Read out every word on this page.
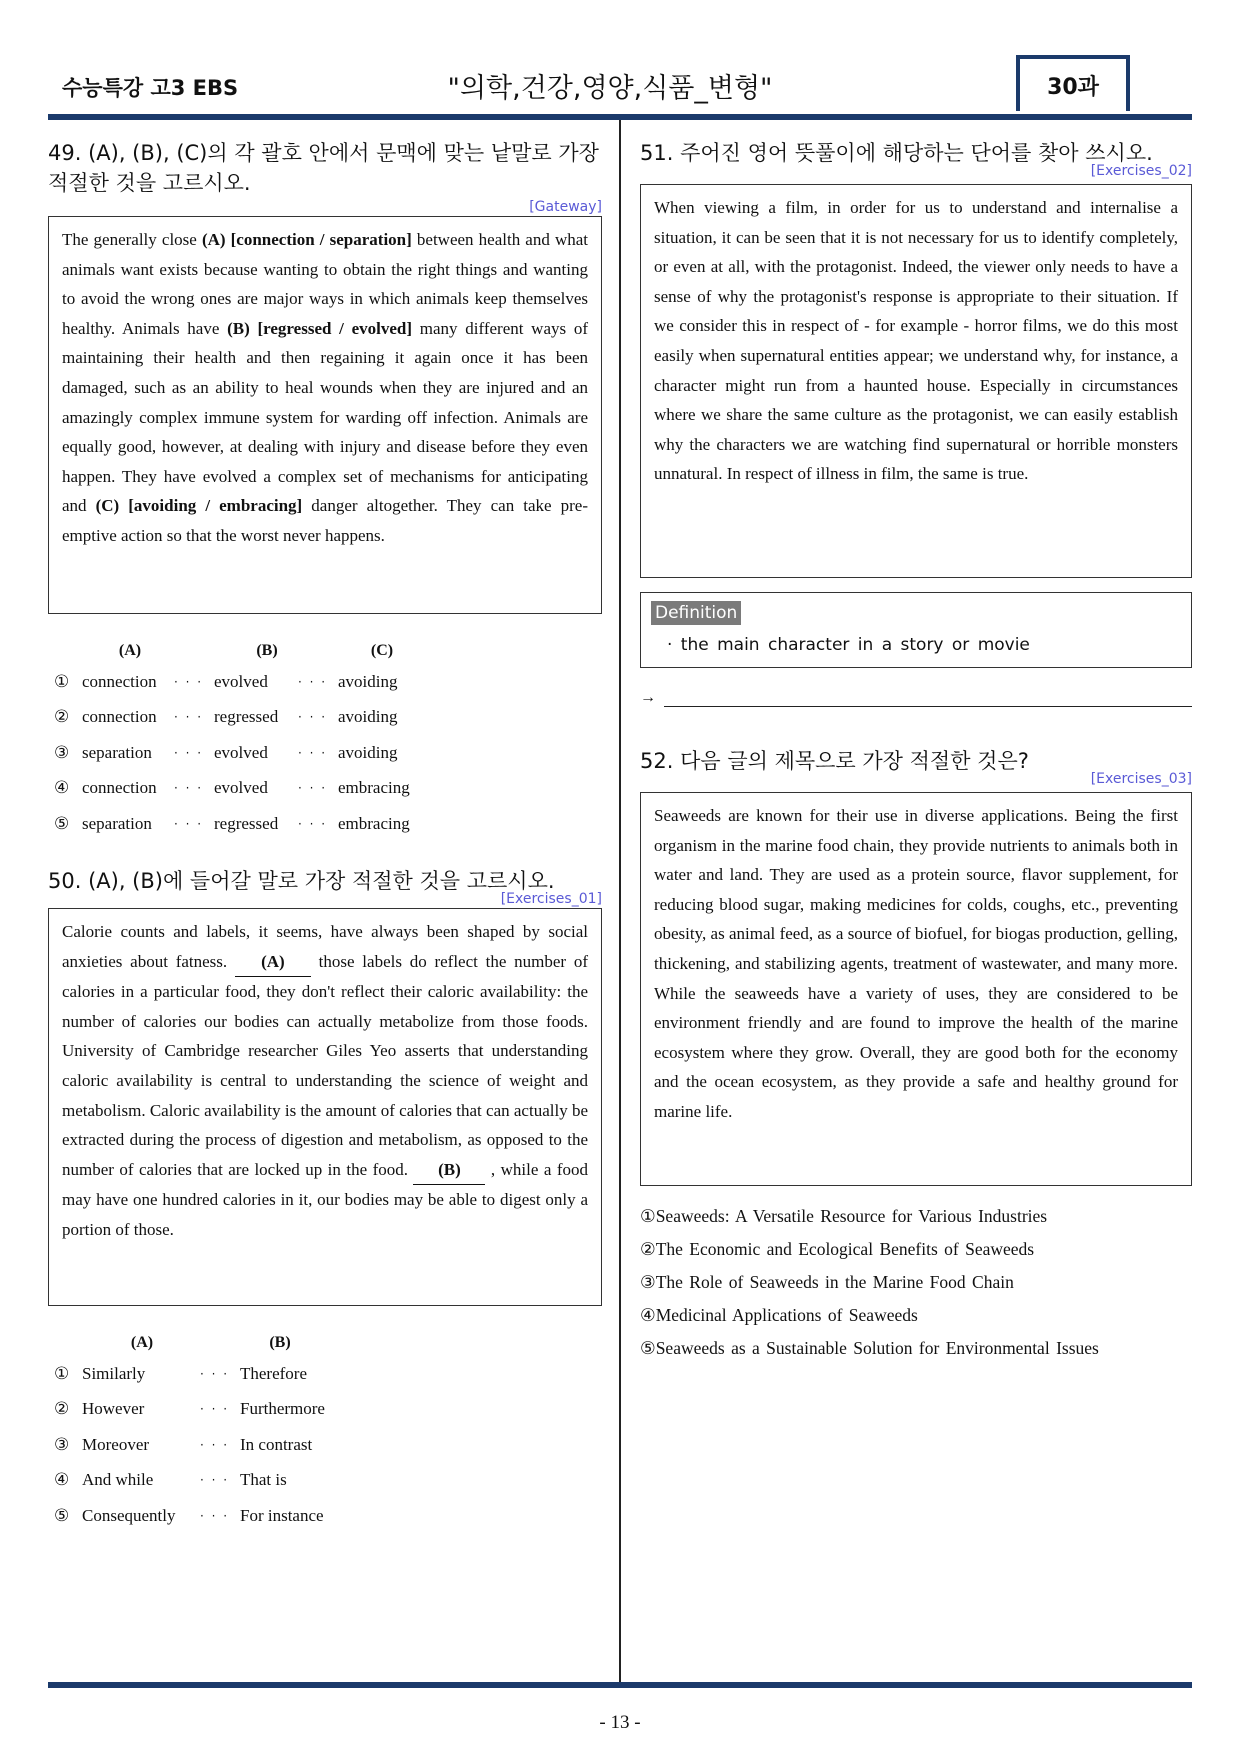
수능특강 고3 EBS	"의학,건강,영양,식품_변형"	30과
49. (A), (B), (C)의 각 괄호 안에서 문맥에 맞는 낱말로 가장
적절한 것을 고르시오.
[Gateway]
The generally close (A) [connection / separation] between health and what animals want exists because wanting to obtain the right things and wanting to avoid the wrong ones are major ways in which animals keep themselves healthy. Animals have (B) [regressed / evolved] many different ways of maintaining their health and then regaining it again once it has been damaged, such as an ability to heal wounds when they are injured and an amazingly complex immune system for warding off infection. Animals are equally good, however, at dealing with injury and disease before they even happen. They have evolved a complex set of mechanisms for anticipating and (C) [avoiding / embracing] danger altogether. They can take pre-emptive action so that the worst never happens.
(A)	(B)	(C)
① connection	· · · evolved	· · · avoiding
② connection	· · · regressed	· · · avoiding
③ separation	· · · evolved	· · · avoiding
④ connection	· · · evolved	· · · embracing
⑤ separation	· · · regressed	· · · embracing
50. (A), (B)에 들어갈 말로 가장 적절한 것을 고르시오.
[Exercises_01]
Calorie counts and labels, it seems, have always been shaped by social anxieties about fatness. (A) those labels do reflect the number of calories in a particular food, they don't reflect their caloric availability: the number of calories our bodies can actually metabolize from those foods. University of Cambridge researcher Giles Yeo asserts that understanding caloric availability is central to understanding the science of weight and metabolism. Caloric availability is the amount of calories that can actually be extracted during the process of digestion and metabolism, as opposed to the number of calories that are locked up in the food. (B) , while a food may have one hundred calories in it, our bodies may be able to digest only a portion of those.
(A)	(B)
① Similarly	· · · Therefore
② However	· · · Furthermore
③ Moreover	· · · In contrast
④ And while	· · · That is
⑤ Consequently	· · · For instance
51. 주어진 영어 뜻풀이에 해당하는 단어를 찾아 쓰시오.
[Exercises_02]
When viewing a film, in order for us to understand and internalise a situation, it can be seen that it is not necessary for us to identify completely, or even at all, with the protagonist. Indeed, the viewer only needs to have a sense of why the protagonist's response is appropriate to their situation. If we consider this in respect of - for example - horror films, we do this most easily when supernatural entities appear; we understand why, for instance, a character might run from a haunted house. Especially in circumstances where we share the same culture as the protagonist, we can easily establish why the characters we are watching find supernatural or horrible monsters unnatural. In respect of illness in film, the same is true.
Definition
· the main character in a story or movie
→
52. 다음 글의 제목으로 가장 적절한 것은?
[Exercises_03]
Seaweeds are known for their use in diverse applications. Being the first organism in the marine food chain, they provide nutrients to animals both in water and land. They are used as a protein source, flavor supplement, for reducing blood sugar, making medicines for colds, coughs, etc., preventing obesity, as animal feed, as a source of biofuel, for biogas production, gelling, thickening, and stabilizing agents, treatment of wastewater, and many more. While the seaweeds have a variety of uses, they are considered to be environment friendly and are found to improve the health of the marine ecosystem where they grow. Overall, they are good both for the economy and the ocean ecosystem, as they provide a safe and healthy ground for marine life.
①Seaweeds: A Versatile Resource for Various Industries
②The Economic and Ecological Benefits of Seaweeds
③The Role of Seaweeds in the Marine Food Chain
④Medicinal Applications of Seaweeds
⑤Seaweeds as a Sustainable Solution for Environmental Issues
- 13 -
